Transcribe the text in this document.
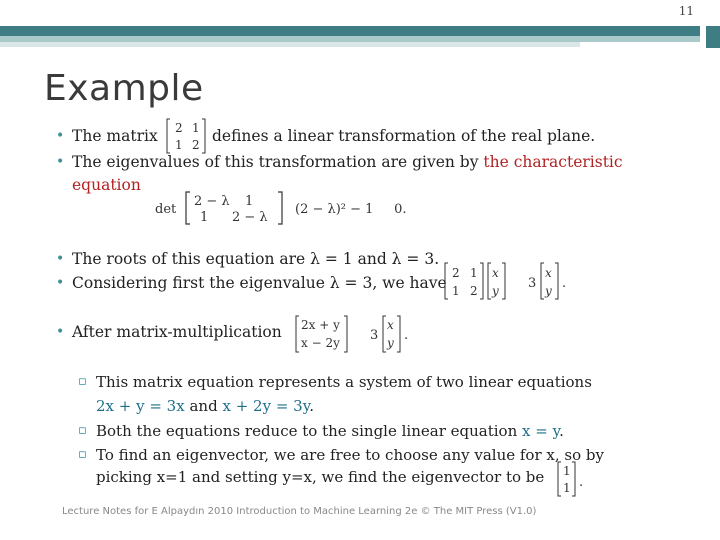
11
Example
• The matrix 2 1
1 2 defines a linear transformation of the real plane.
• The eigenvalues of this transformation are given by the characteristic
equation
det
2 − λ 1
1 2 − λ
(2 − λ)² − 1     0.
• The roots of this equation are λ = 1 and λ = 3.
• Considering first the eigenvalue λ = 3, we have
2 1
1 2
x
y 3
x
y .
• After matrix-multiplication 2x + y
x − 2y 3
x
y .
▫ This matrix equation represents a system of two linear equations
2x + y = 3x and x + 2y = 3y.
▫ Both the equations reduce to the single linear equation x = y.
▫ To find an eigenvector, we are free to choose any value for x, so by
picking x=1 and setting y=x, we find the eigenvector to be 1
1 .
Lecture Notes for E Alpaydın 2010 Introduction to Machine Learning 2e © The MIT Press (V1.0)
